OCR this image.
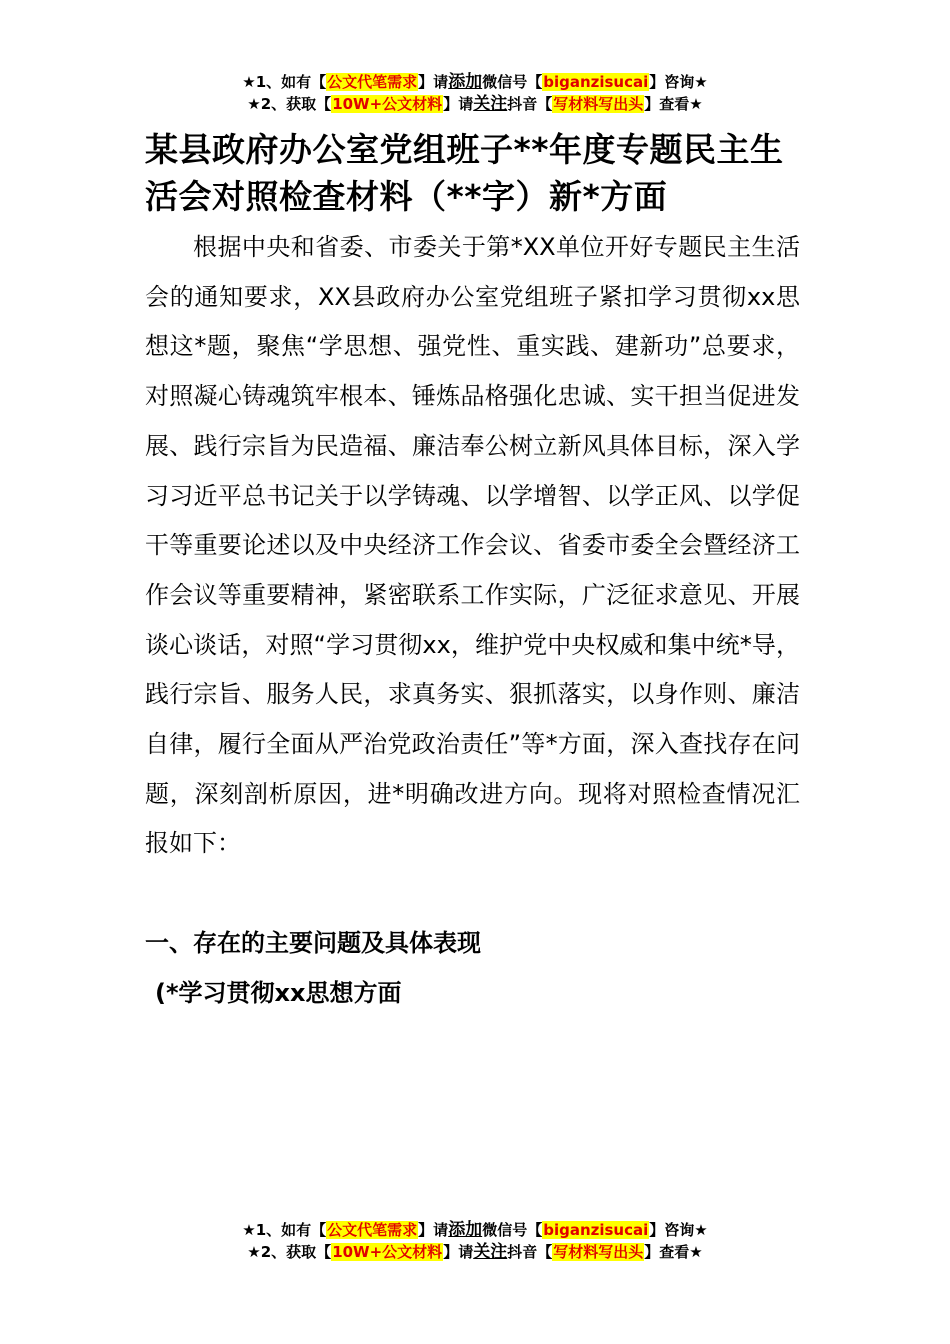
★1、如有【公文代笔需求】请添加微信号【biganzisucai】咨询★
★2、获取【10W+公文材料】请关注抖音【写材料写出头】查看★
某县政府办公室党组班子**年度专题民主生活会对照检查材料（**字）新*方面

根据中央和省委、市委关于第*XX单位开好专题民主生活会的通知要求，XX县政府办公室党组班子紧扣学习贯彻xx思想这*题，聚焦“学思想、强党性、重实践、建新功”总要求，对照凝心铸魂筑牢根本、锤炼品格强化忠诚、实干担当促进发展、践行宗旨为民造福、廉洁奉公树立新风具体目标，深入学习习近平总书记关于以学铸魂、以学增智、以学正风、以学促干等重要论述以及中央经济工作会议、省委市委全会暨经济工作会议等重要精神，紧密联系工作实际，广泛征求意见、开展谈心谈话，对照“学习贯彻xx，维护党中央权威和集中统*导，践行宗旨、服务人民，求真务实、狠抓落实，以身作则、廉洁自律，履行全面从严治党政治责任”等*方面，深入查找存在问题，深刻剖析原因，进*明确改进方向。现将对照检查情况汇报如下：

一、存在的主要问题及具体表现
(*学习贯彻xx思想方面
★1、如有【公文代笔需求】请添加微信号【biganzisucai】咨询★
★2、获取【10W+公文材料】请关注抖音【写材料写出头】查看★
